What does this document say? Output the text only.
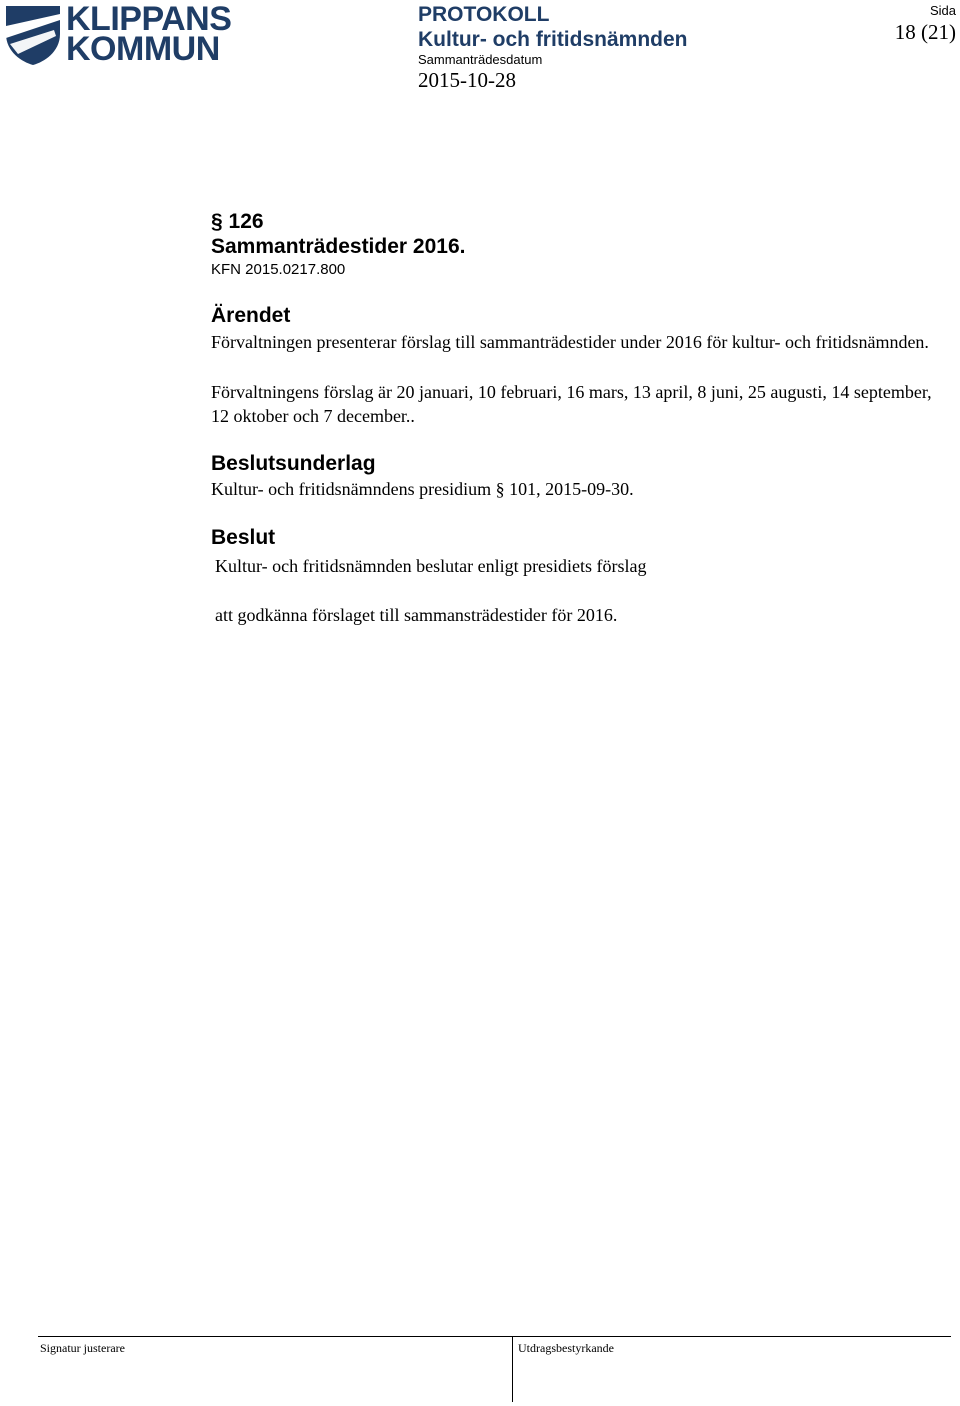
KLIPPANS
KOMMUN
PROTOKOLL
Kultur- och fritidsnämnden
Sammanträdesdatum
2015-10-28
Sida
18 (21)
§ 126
Sammanträdestider 2016.
KFN 2015.0217.800
Ärendet
Förvaltningen presenterar förslag till sammanträdestider under 2016 för kultur- och fritidsnämnden.
Förvaltningens förslag är 20 januari, 10 februari, 16 mars, 13 april, 8 juni, 25 augusti, 14 september, 12 oktober och 7 december..
Beslutsunderlag
Kultur- och fritidsnämndens presidium § 101, 2015-09-30.
Beslut
Kultur- och fritidsnämnden beslutar enligt presidiets förslag
att godkänna förslaget till sammansträdestider för 2016.
Signatur justerare	Utdragsbestyrkande
